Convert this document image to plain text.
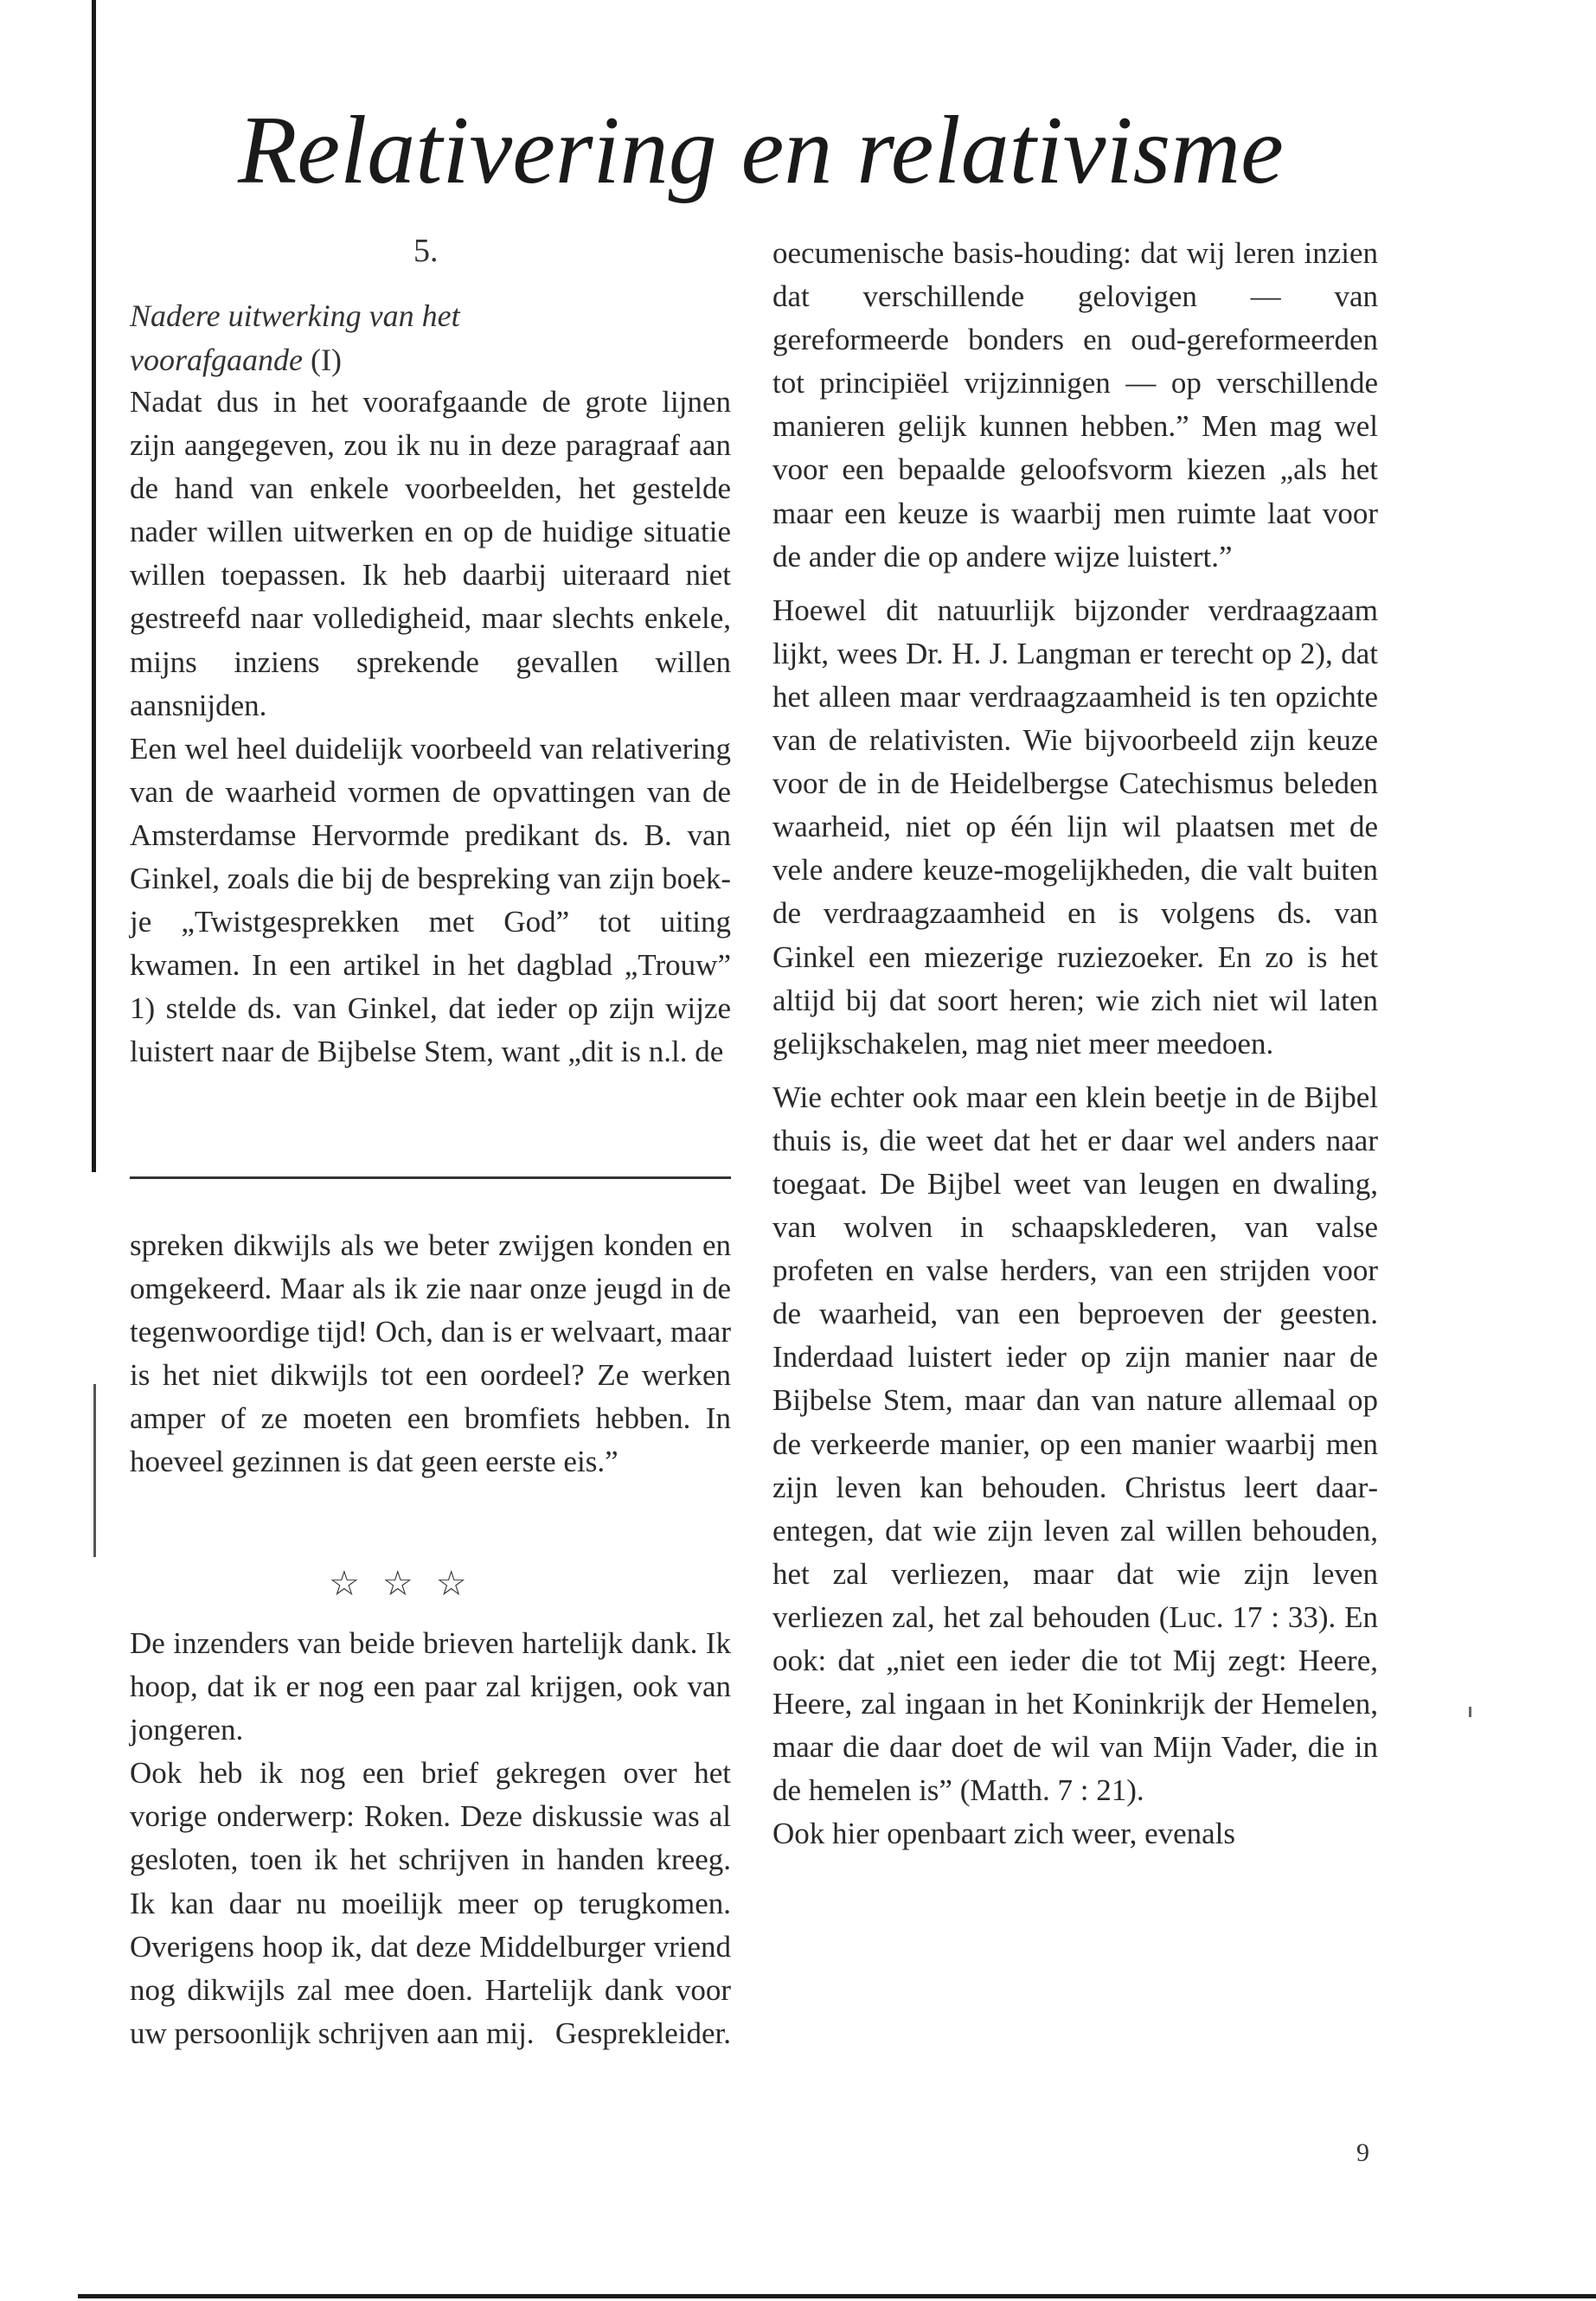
Relativering en relativisme
5.
Nadere uitwerking van het
voorafgaande (I)

Nadat dus in het voorafgaande de grote lijnen zijn aangegeven, zou ik nu in deze paragraaf aan de hand van enkele voorbeelden, het gestelde nader willen uitwerken en op de huidige situatie willen toepassen. Ik heb daarbij uiteraard niet gestreefd naar volledigheid, maar slechts enkele, mijns inziens sprekende gevallen willen aansnijden.

Een wel heel duidelijk voorbeeld van relativering van de waarheid vormen de opvattingen van de Amsterdamse Hervormde predikant ds. B. van Ginkel, zoals die bij de bespreking van zijn boekje „Twistgesprekken met God” tot uiting kwamen. In een artikel in het dagblad „Trouw” 1) stelde ds. van Ginkel, dat ieder op zijn wijze luistert naar de Bijbelse Stem, want „dit is n.l. de

spreken dikwijls als we beter zwijgen konden en omgekeerd. Maar als ik zie naar onze jeugd in de tegenwoordige tijd! Och, dan is er welvaart, maar is het niet dikwijls tot een oordeel? Ze werken amper of ze moeten een bromfiets hebben. In hoeveel gezinnen is dat geen eerste eis.”

☆☆☆

De inzenders van beide brieven hartelijk dank. Ik hoop, dat ik er nog een paar zal krijgen, ook van jongeren.

Ook heb ik nog een brief gekregen over het vorige onderwerp: Roken. Deze diskussie was al gesloten, toen ik het schrijven in handen kreeg. Ik kan daar nu moeilijk meer op terugkomen. Overigens hoop ik, dat deze Middelburger vriend nog dikwijls zal mee doen. Hartelijk dank voor uw persoonlijk schrijven aan mij. Gesprekleider.

oecumenische basis-houding: dat wij leren inzien dat verschillende gelovigen — van gereformeerde bonders en oud-gereformeerden tot principiëel vrijzinnigen — op verschillende manieren gelijk kunnen hebben.” Men mag wel voor een bepaalde geloofsvorm kiezen „als het maar een keuze is waarbij men ruimte laat voor de ander die op andere wijze luistert.”

Hoewel dit natuurlijk bijzonder verdraagzaam lijkt, wees Dr. H. J. Langman er terecht op 2), dat het alleen maar verdraagzaamheid is ten opzichte van de relativisten. Wie bijvoorbeeld zijn keuze voor de in de Heidelbergse Catechismus beleden waarheid, niet op één lijn wil plaatsen met de vele andere keuze-mogelijkheden, die valt buiten de verdraagzaamheid en is volgens ds. van Ginkel een miezerige ruziezoeker. En zo is het altijd bij dat soort heren; wie zich niet wil laten gelijkschakelen, mag niet meer meedoen.

Wie echter ook maar een klein beetje in de Bijbel thuis is, die weet dat het er daar wel anders naar toegaat. De Bijbel weet van leugen en dwaling, van wolven in schaapsklederen, van valse profeten en valse herders, van een strijden voor de waarheid, van een beproeven der geesten. Inderdaad luistert ieder op zijn manier naar de Bijbelse Stem, maar dan van nature allemaal op de verkeerde manier, op een manier waarbij men zijn leven kan behouden. Christus leert daarentegen, dat wie zijn leven zal willen behouden, het zal verliezen, maar dat wie zijn leven verliezen zal, het zal behouden (Luc. 17 : 33). En ook: dat „niet een ieder die tot Mij zegt: Heere, Heere, zal ingaan in het Koninkrijk der Hemelen, maar die daar doet de wil van Mijn Vader, die in de hemelen is” (Matth. 7 : 21).

Ook hier openbaart zich weer, evenals

9
